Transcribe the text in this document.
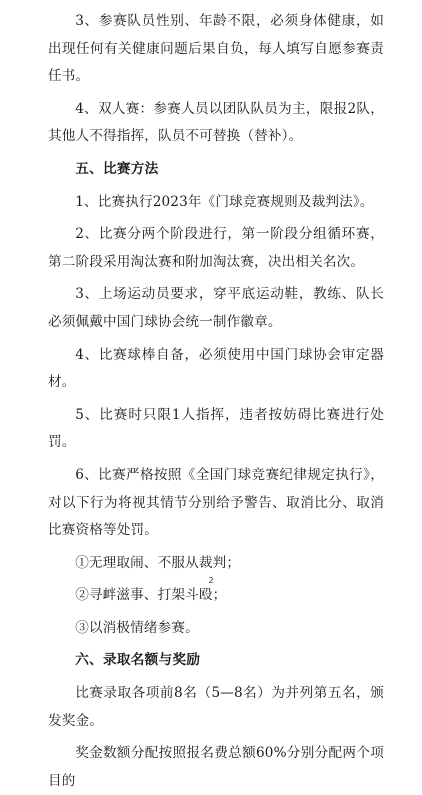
3、参赛队员性别、年龄不限，必须身体健康，如出现任何有关健康问题后果自负，每人填写自愿参赛责任书。

4、双人赛：参赛人员以团队队员为主，限报2队，其他人不得指挥，队员不可替换（替补）。

五、比赛方法

1、比赛执行2023年《门球竞赛规则及裁判法》。

2、比赛分两个阶段进行，第一阶段分组循环赛，第二阶段采用淘汰赛和附加淘汰赛，决出相关名次。

3、上场运动员要求，穿平底运动鞋，教练、队长必须佩戴中国门球协会统一制作徽章。

4、比赛球棒自备，必须使用中国门球协会审定器材。

5、比赛时只限1人指挥，违者按妨碍比赛进行处罚。

6、比赛严格按照《全国门球竞赛纪律规定执行》，对以下行为将视其情节分别给予警告、取消比分、取消比赛资格等处罚。

①无理取闹、不服从裁判；

②寻衅滋事、打架斗殴；

③以消极情绪参赛。

六、录取名额与奖励

比赛录取各项前8名（5—8名）为并列第五名，颁发奖金。

奖金数额分配按照报名费总额60%分别分配两个项目的

2
